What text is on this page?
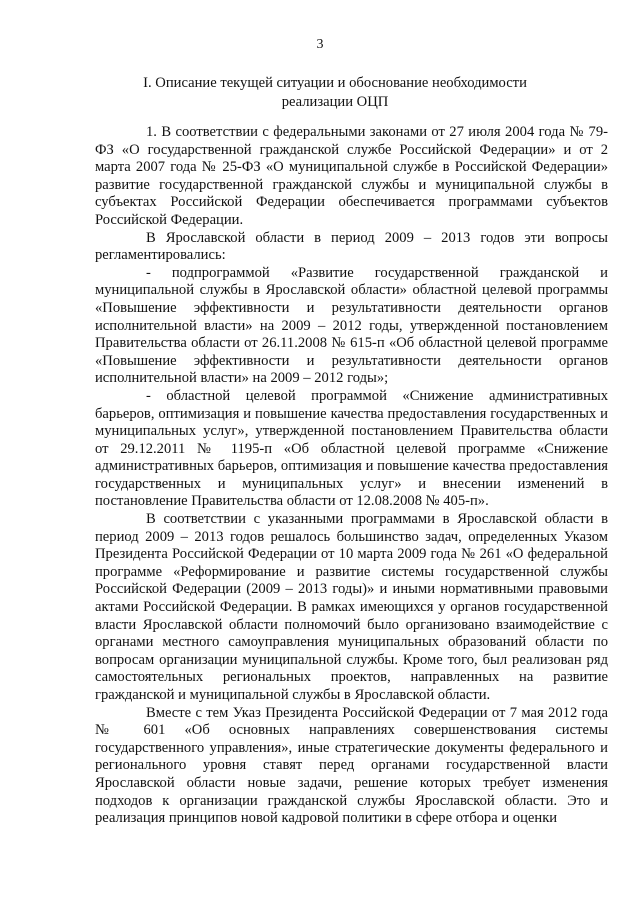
3
I. Описание текущей ситуации и обоснование необходимости
реализации ОЦП

1. В соответствии с федеральными законами от 27 июля 2004 года № 79-ФЗ «О государственной гражданской службе Российской Федерации» и от 2 марта 2007 года № 25-ФЗ «О муниципальной службе в Российской Федерации» развитие государственной гражданской службы и муниципальной службы в субъектах Российской Федерации обеспечивается программами субъектов Российской Федерации.

В Ярославской области в период 2009 – 2013 годов эти вопросы регламентировались:

- подпрограммой «Развитие государственной гражданской и муниципальной службы в Ярославской области» областной целевой программы «Повышение эффективности и результативности деятельности органов исполнительной власти» на 2009 – 2012 годы, утвержденной постановлением Правительства области от 26.11.2008 № 615-п «Об областной целевой программе «Повышение эффективности и результативности деятельности органов исполнительной власти» на 2009 – 2012 годы»;

- областной целевой программой «Снижение административных барьеров, оптимизация и повышение качества предоставления государственных и муниципальных услуг», утвержденной постановлением Правительства области от 29.12.2011 № 1195-п «Об областной целевой программе «Снижение административных барьеров, оптимизация и повышение качества предоставления государственных и муниципальных услуг» и внесении изменений в постановление Правительства области от 12.08.2008 № 405-п».

В соответствии с указанными программами в Ярославской области в период 2009 – 2013 годов решалось большинство задач, определенных Указом Президента Российской Федерации от 10 марта 2009 года № 261 «О федеральной программе «Реформирование и развитие системы государственной службы Российской Федерации (2009 – 2013 годы)» и иными нормативными правовыми актами Российской Федерации. В рамках имеющихся у органов государственной власти Ярославской области полномочий было организовано взаимодействие с органами местного самоуправления муниципальных образований области по вопросам организации муниципальной службы. Кроме того, был реализован ряд самостоятельных региональных проектов, направленных на развитие гражданской и муниципальной службы в Ярославской области.

Вместе с тем Указ Президента Российской Федерации от 7 мая 2012 года № 601 «Об основных направлениях совершенствования системы государственного управления», иные стратегические документы федерального и регионального уровня ставят перед органами государственной власти Ярославской области новые задачи, решение которых требует изменения подходов к организации гражданской службы Ярославской области. Это и реализация принципов новой кадровой политики в сфере отбора и оценки
